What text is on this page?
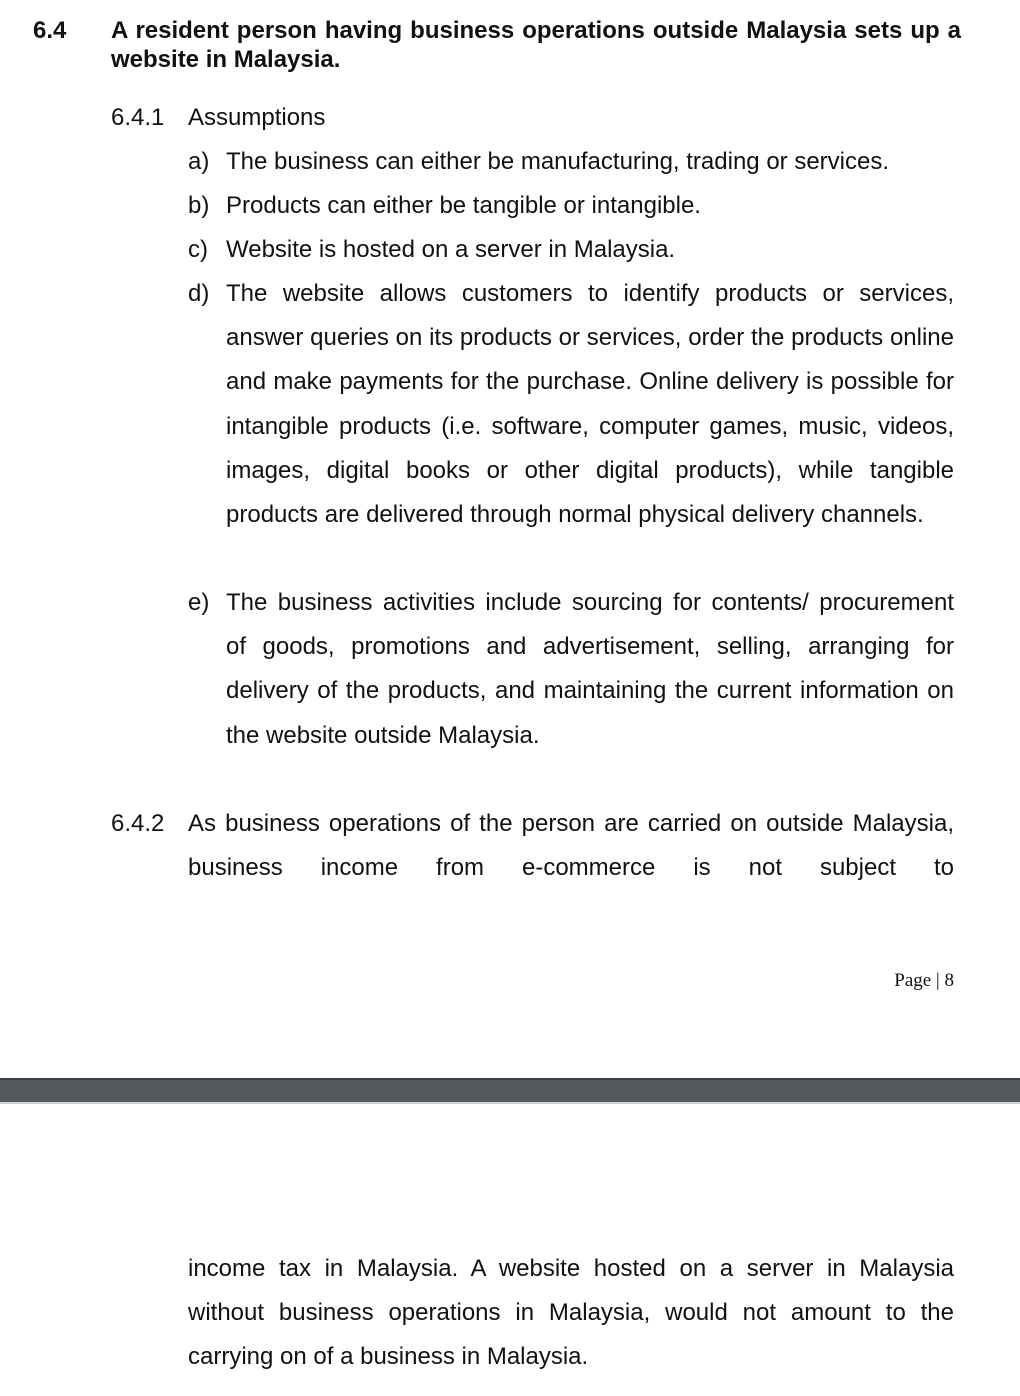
6.4 A resident person having business operations outside Malaysia sets up a website in Malaysia.
6.4.1 Assumptions
a) The business can either be manufacturing, trading or services.
b) Products can either be tangible or intangible.
c) Website is hosted on a server in Malaysia.
d) The website allows customers to identify products or services, answer queries on its products or services, order the products online and make payments for the purchase. Online delivery is possible for intangible products (i.e. software, computer games, music, videos, images, digital books or other digital products), while tangible products are delivered through normal physical delivery channels.
e) The business activities include sourcing for contents/ procurement of goods, promotions and advertisement, selling, arranging for delivery of the products, and maintaining the current information on the website outside Malaysia.
6.4.2 As business operations of the person are carried on outside Malaysia, business income from e-commerce is not subject to
Page | 8
income tax in Malaysia. A website hosted on a server in Malaysia without business operations in Malaysia, would not amount to the carrying on of a business in Malaysia.
